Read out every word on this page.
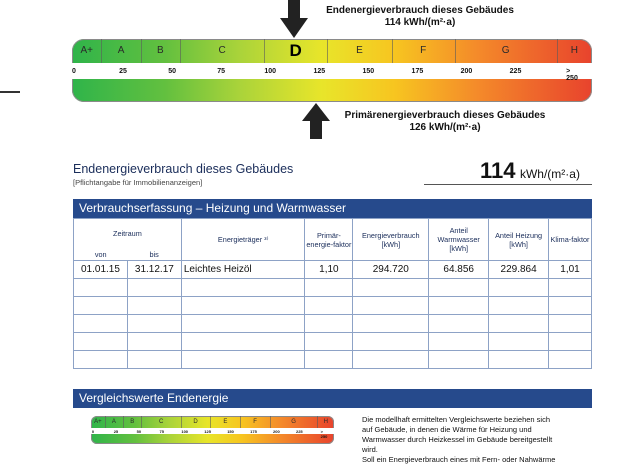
Endenergieverbrauch dieses Gebäudes
114 kWh/(m²·a)
A+	A	B	C	D	E	F	G	H
0	25	50	75	100	125	150	175	200	225	> 250
Primärenergieverbrauch dieses Gebäudes
126 kWh/(m²·a)
Endenergieverbrauch dieses Gebäudes
[Pflichtangabe für Immobilienanzeigen]	114 kWh/(m²·a)
Verbrauchserfassung – Heizung und Warmwasser
Zeitraum		Energieträger ³⁾	Primär-energie-faktor	Energieverbrauch [kWh]	Anteil Warmwasser [kWh]	Anteil Heizung [kWh]	Klima-faktor
von	bis						
01.01.15	31.12.17	Leichtes Heizöl	1,10	294.720	64.856	229.864	1,01

Vergleichswerte Endenergie
A+	A	B	C	D	E	F	G	H
0	25	50	75	100	125	150	175	200	225	> 250
Die modellhaft ermittelten Vergleichswerte beziehen sich
auf Gebäude, in denen die Wärme für Heizung und
Warmwasser durch Heizkessel im Gebäude bereitgestellt
wird.
Soll ein Energieverbrauch eines mit Fern- oder Nahwärme
